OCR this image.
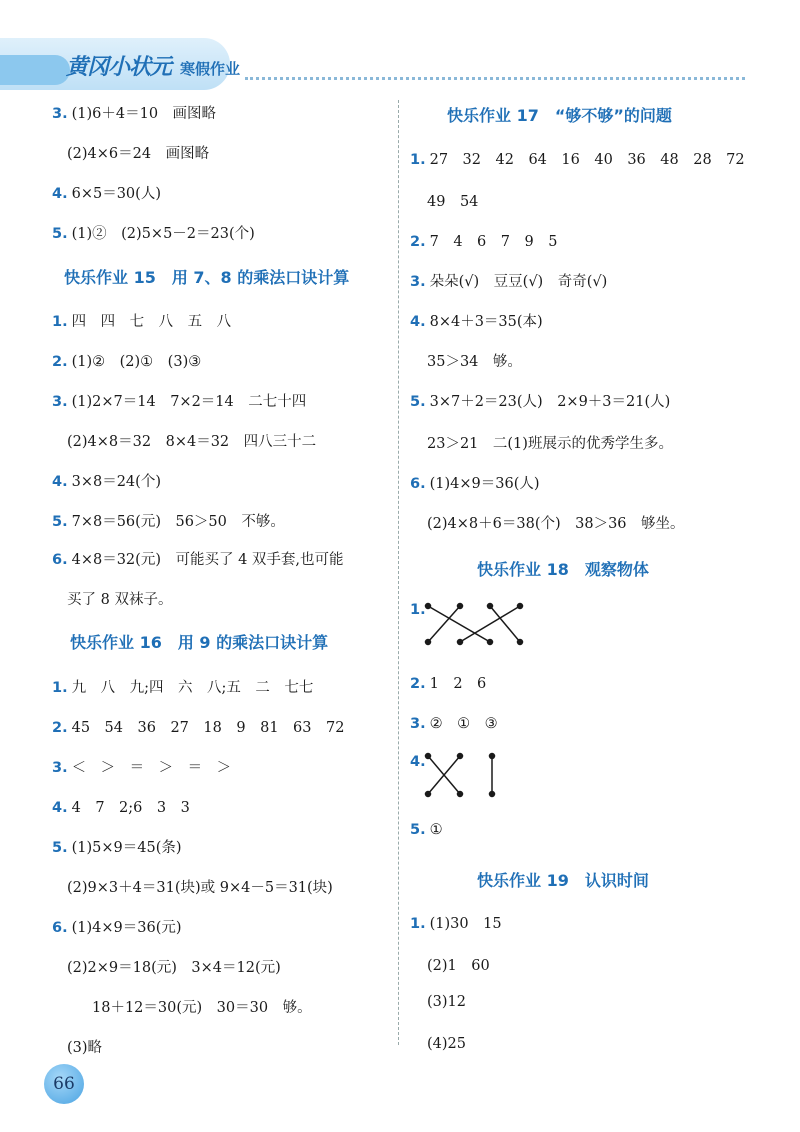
黄冈小状元 寒假作业
3. (1)6＋4＝10　画图略
(2)4×6＝24　画图略
4. 6×5＝30(人)
5. (1)②　(2)5×5－2＝23(个)
快乐作业 15　用 7、8 的乘法口诀计算
1. 四　四　七　八　五　八
2. (1)②　(2)①　(3)③
3. (1)2×7＝14　7×2＝14　二七十四
(2)4×8＝32　8×4＝32　四八三十二
4. 3×8＝24(个)
5. 7×8＝56(元)　56＞50　不够。
6. 4×8＝32(元)　可能买了 4 双手套,也可能
买了 8 双袜子。
快乐作业 16　用 9 的乘法口诀计算
1. 九　八　九;四　六　八;五　二　七七
2. 45　54　36　27　18　9　81　63　72
3. ＜　＞　＝　＞　＝　＞
4. 4　7　2;6　3　3
5. (1)5×9＝45(条)
(2)9×3＋4＝31(块)或 9×4－5＝31(块)
6. (1)4×9＝36(元)
(2)2×9＝18(元)　3×4＝12(元)
18＋12＝30(元)　30＝30　够。
(3)略
快乐作业 17　“够不够”的问题
1. 27　32　42　64　16　40　36　48　28　72
49　54
2. 7　4　6　7　9　5
3. 朵朵(√)　豆豆(√)　奇奇(√)
4. 8×4＋3＝35(本)
35＞34　够。
5. 3×7＋2＝23(人)　2×9＋3＝21(人)
23＞21　二(1)班展示的优秀学生多。
6. (1)4×9＝36(人)
(2)4×8＋6＝38(个)　38＞36　够坐。
快乐作业 18　观察物体
1.
2. 1　2　6
3. ②　①　③
4.
5. ①
快乐作业 19　认识时间
1. (1)30　15
(2)1　60
(3)12
(4)25
66
